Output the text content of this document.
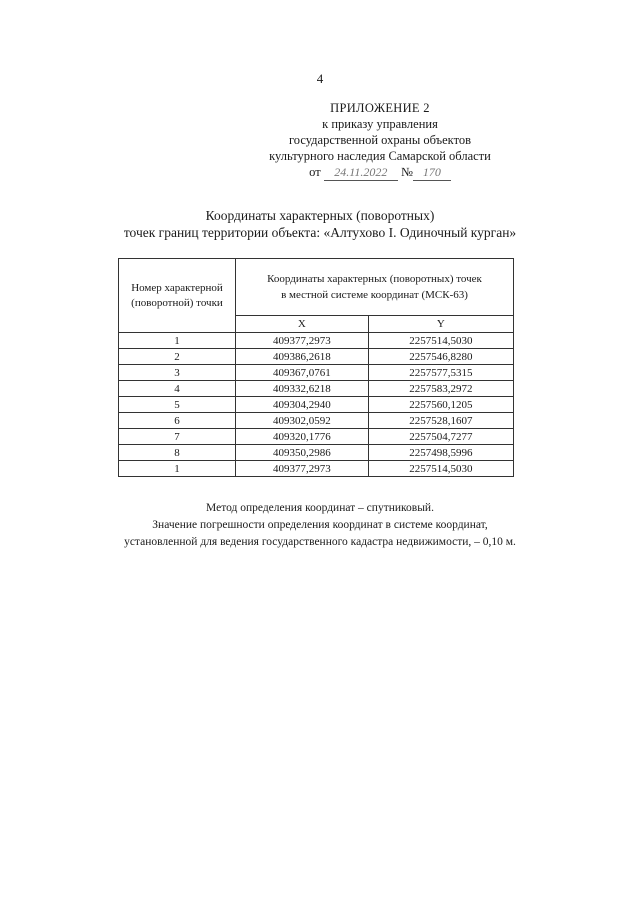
4
ПРИЛОЖЕНИЕ 2
к приказу управления
государственной охраны объектов
культурного наследия Самарской области
от 24.11.2022 № 170
Координаты характерных (поворотных)
точек границ территории объекта: «Алтухово I. Одиночный курган»
Номер характерной (поворотной) точки	Координаты характерных (поворотных) точек
в местной системе координат (МСК-63)	

	X	Y
1	409377,2973	2257514,5030
2	409386,2618	2257546,8280
3	409367,0761	2257577,5315
4	409332,6218	2257583,2972
5	409304,2940	2257560,1205
6	409302,0592	2257528,1607
7	409320,1776	2257504,7277
8	409350,2986	2257498,5996
1	409377,2973	2257514,5030
Метод определения координат – спутниковый.
Значение погрешности определения координат в системе координат,
установленной для ведения государственного кадастра недвижимости, – 0,10 м.
